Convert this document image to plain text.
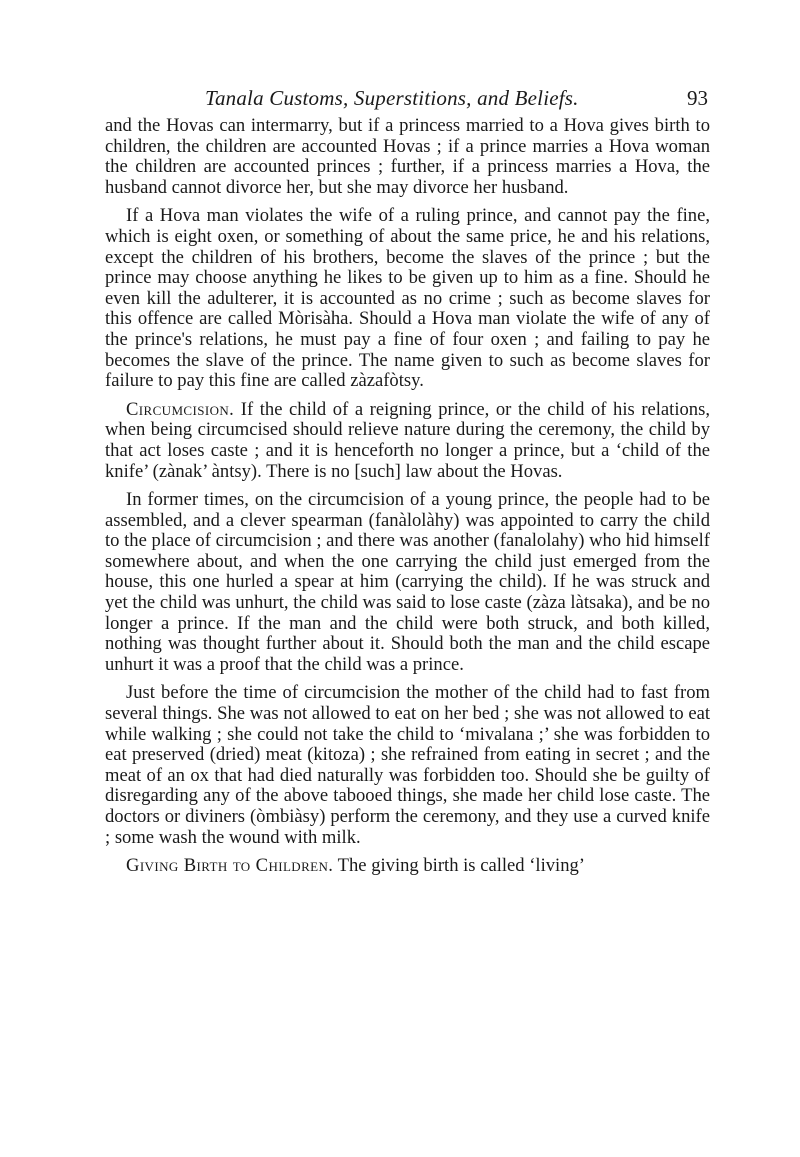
Tanala Customs, Superstitions, and Beliefs.	93

and the Hovas can intermarry, but if a princess married to a Hova gives birth to children, the children are accounted Hovas ; if a prince marries a Hova woman the children are accounted princes ; further, if a princess marries a Hova, the husband cannot divorce her, but she may divorce her husband.

If a Hova man violates the wife of a ruling prince, and cannot pay the fine, which is eight oxen, or something of about the same price, he and his relations, except the children of his brothers, become the slaves of the prince ; but the prince may choose anything he likes to be given up to him as a fine. Should he even kill the adulterer, it is accounted as no crime ; such as become slaves for this offence are called Mòrisàha. Should a Hova man violate the wife of any of the prince's relations, he must pay a fine of four oxen ; and failing to pay he becomes the slave of the prince. The name given to such as become slaves for failure to pay this fine are called zàzafòtsy.

Circumcision. If the child of a reigning prince, or the child of his relations, when being circumcised should relieve nature during the ceremony, the child by that act loses caste ; and it is henceforth no longer a prince, but a ‘child of the knife’ (zànak’ àntsy). There is no [such] law about the Hovas.

In former times, on the circumcision of a young prince, the people had to be assembled, and a clever spearman (fanàlolàhy) was appointed to carry the child to the place of circumcision ; and there was another (fanalolahy) who hid himself somewhere about, and when the one carrying the child just emerged from the house, this one hurled a spear at him (carrying the child). If he was struck and yet the child was unhurt, the child was said to lose caste (zàza làtsaka), and be no longer a prince. If the man and the child were both struck, and both killed, nothing was thought further about it. Should both the man and the child escape unhurt it was a proof that the child was a prince.

Just before the time of circumcision the mother of the child had to fast from several things. She was not allowed to eat on her bed ; she was not allowed to eat while walking ; she could not take the child to ‘mivalana ;’ she was forbidden to eat preserved (dried) meat (kitoza) ; she refrained from eating in secret ; and the meat of an ox that had died naturally was forbidden too. Should she be guilty of disregarding any of the above tabooed things, she made her child lose caste. The doctors or diviners (òmbiàsy) perform the ceremony, and they use a curved knife ; some wash the wound with milk.

Giving Birth to Children. The giving birth is called ‘living’
